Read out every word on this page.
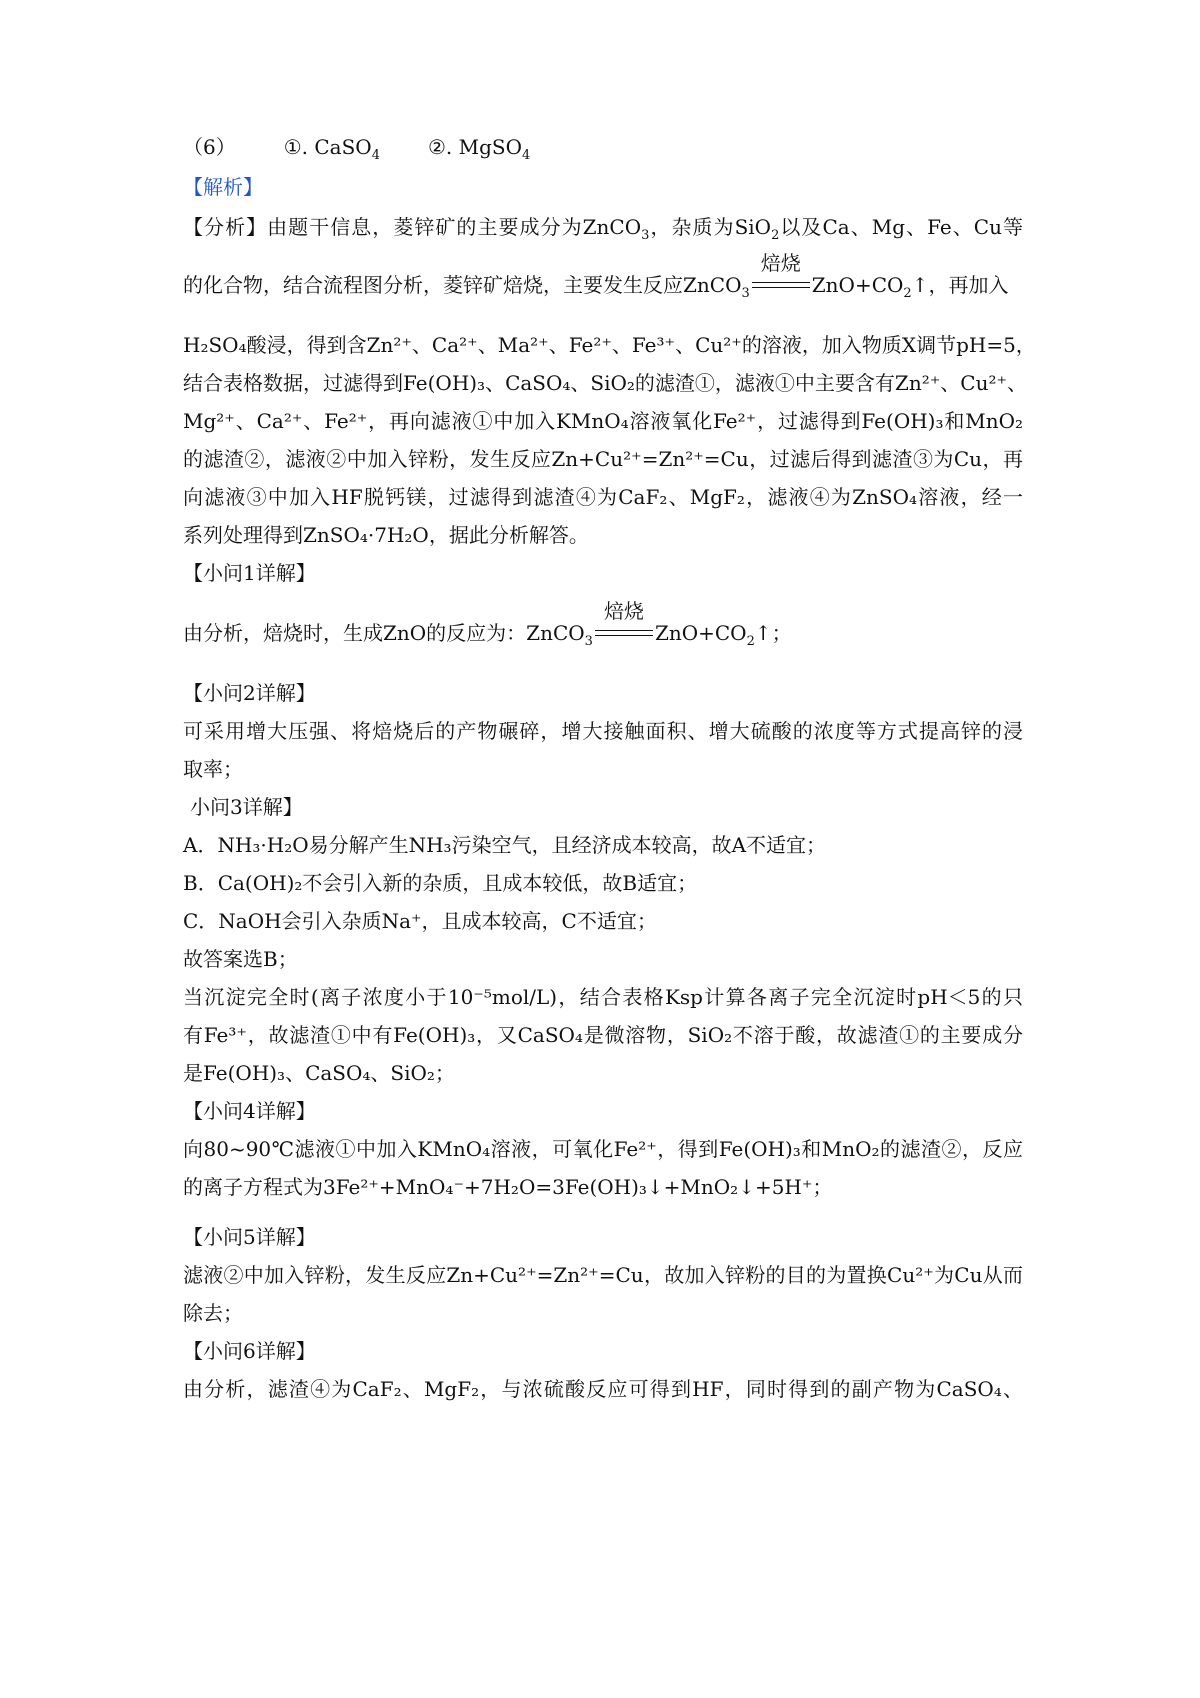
（6） ①. CaSO$_4$ ②. MgSO$_4$
【解析】
【分析】由题干信息，菱锌矿的主要成分为ZnCO$_3$，杂质为SiO$_2$以及Ca、Mg、Fe、Cu等
的化合物，结合流程图分析，菱锌矿焙烧，主要发生反应ZnCO$_3$
焙烧
$ZnO+CO_2↑$，再加入
H₂SO₄酸浸，得到含Zn²⁺、Ca²⁺、Ma²⁺、Fe²⁺、Fe³⁺、Cu²⁺的溶液，加入物质X调节pH=5，
结合表格数据，过滤得到Fe(OH)₃、CaSO₄、SiO₂的滤渣①，滤液①中主要含有Zn²⁺、Cu²⁺、
Mg²⁺、Ca²⁺、Fe²⁺，再向滤液①中加入KMnO₄溶液氧化Fe²⁺，过滤得到Fe(OH)₃和MnO₂
的滤渣②，滤液②中加入锌粉，发生反应Zn+Cu²⁺=Zn²⁺=Cu，过滤后得到滤渣③为Cu，再
向滤液③中加入HF脱钙镁，过滤得到滤渣④为CaF₂、MgF₂，滤液④为ZnSO₄溶液，经一
系列处理得到ZnSO₄·7H₂O，据此分析解答。
【小问1详解】
由分析，焙烧时，生成ZnO的反应为：ZnCO$_3$
焙烧
$ZnO+CO_2↑$；
【小问2详解】
可采用增大压强、将焙烧后的产物碾碎，增大接触面积、增大硫酸的浓度等方式提高锌的浸
取率；
小问3详解】
A．NH₃·H₂O易分解产生NH₃污染空气，且经济成本较高，故A不适宜；
B．Ca(OH)₂不会引入新的杂质，且成本较低，故B适宜；
C．NaOH会引入杂质Na⁺，且成本较高，C不适宜；
故答案选B；
当沉淀完全时(离子浓度小于10⁻⁵mol/L)，结合表格Ksp计算各离子完全沉淀时pH＜5的只
有Fe³⁺，故滤渣①中有Fe(OH)₃，又CaSO₄是微溶物，SiO₂不溶于酸，故滤渣①的主要成分
是Fe(OH)₃、CaSO₄、SiO₂；
【小问4详解】
向80~90℃滤液①中加入KMnO₄溶液，可氧化Fe²⁺，得到Fe(OH)₃和MnO₂的滤渣②，反应
的离子方程式为3Fe²⁺+MnO₄⁻+7H₂O=3Fe(OH)₃↓+MnO₂↓+5H⁺；
【小问5详解】
滤液②中加入锌粉，发生反应Zn+Cu²⁺=Zn²⁺=Cu，故加入锌粉的目的为置换Cu²⁺为Cu从而
除去；
【小问6详解】
由分析，滤渣④为CaF₂、MgF₂，与浓硫酸反应可得到HF，同时得到的副产物为CaSO₄、
